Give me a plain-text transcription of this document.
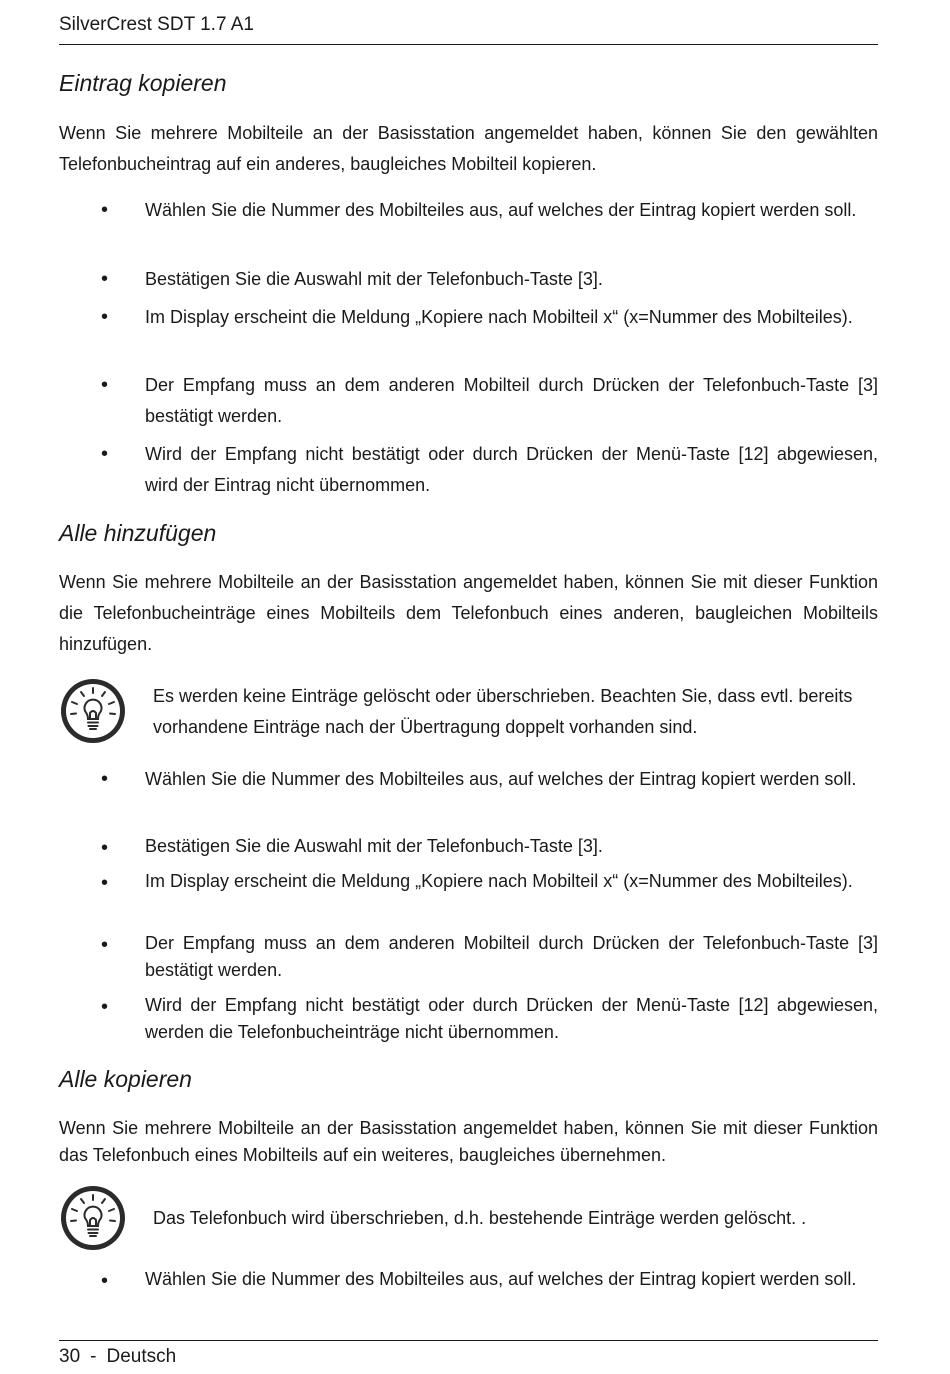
SilverCrest SDT 1.7 A1
Eintrag kopieren

Wenn Sie mehrere Mobilteile an der Basisstation angemeldet haben, können Sie den gewählten Telefonbucheintrag auf ein anderes, baugleiches Mobilteil kopieren.

• Wählen Sie die Nummer des Mobilteiles aus, auf welches der Eintrag kopiert werden soll.
• Bestätigen Sie die Auswahl mit der Telefonbuch-Taste [3].
• Im Display erscheint die Meldung „Kopiere nach Mobilteil x“ (x=Nummer des Mobilteiles).
• Der Empfang muss an dem anderen Mobilteil durch Drücken der Telefonbuch-Taste [3] bestätigt werden.
• Wird der Empfang nicht bestätigt oder durch Drücken der Menü-Taste [12] abgewiesen, wird der Eintrag nicht übernommen.
Alle hinzufügen

Wenn Sie mehrere Mobilteile an der Basisstation angemeldet haben, können Sie mit dieser Funktion die Telefonbucheinträge eines Mobilteils dem Telefonbuch eines anderen, baugleichen Mobilteils hinzufügen.

Es werden keine Einträge gelöscht oder überschrieben. Beachten Sie, dass evtl. bereits vorhandene Einträge nach der Übertragung doppelt vorhanden sind.
• Wählen Sie die Nummer des Mobilteiles aus, auf welches der Eintrag kopiert werden soll.
• Bestätigen Sie die Auswahl mit der Telefonbuch-Taste [3].
• Im Display erscheint die Meldung „Kopiere nach Mobilteil x“ (x=Nummer des Mobilteiles).
• Der Empfang muss an dem anderen Mobilteil durch Drücken der Telefonbuch-Taste [3] bestätigt werden.
• Wird der Empfang nicht bestätigt oder durch Drücken der Menü-Taste [12] abgewiesen, werden die Telefonbucheinträge nicht übernommen.
Alle kopieren

Wenn Sie mehrere Mobilteile an der Basisstation angemeldet haben, können Sie mit dieser Funktion das Telefonbuch eines Mobilteils auf ein weiteres, baugleiches übernehmen.

Das Telefonbuch wird überschrieben, d.h. bestehende Einträge werden gelöscht. .
• Wählen Sie die Nummer des Mobilteiles aus, auf welches der Eintrag kopiert werden soll.
30 - Deutsch
